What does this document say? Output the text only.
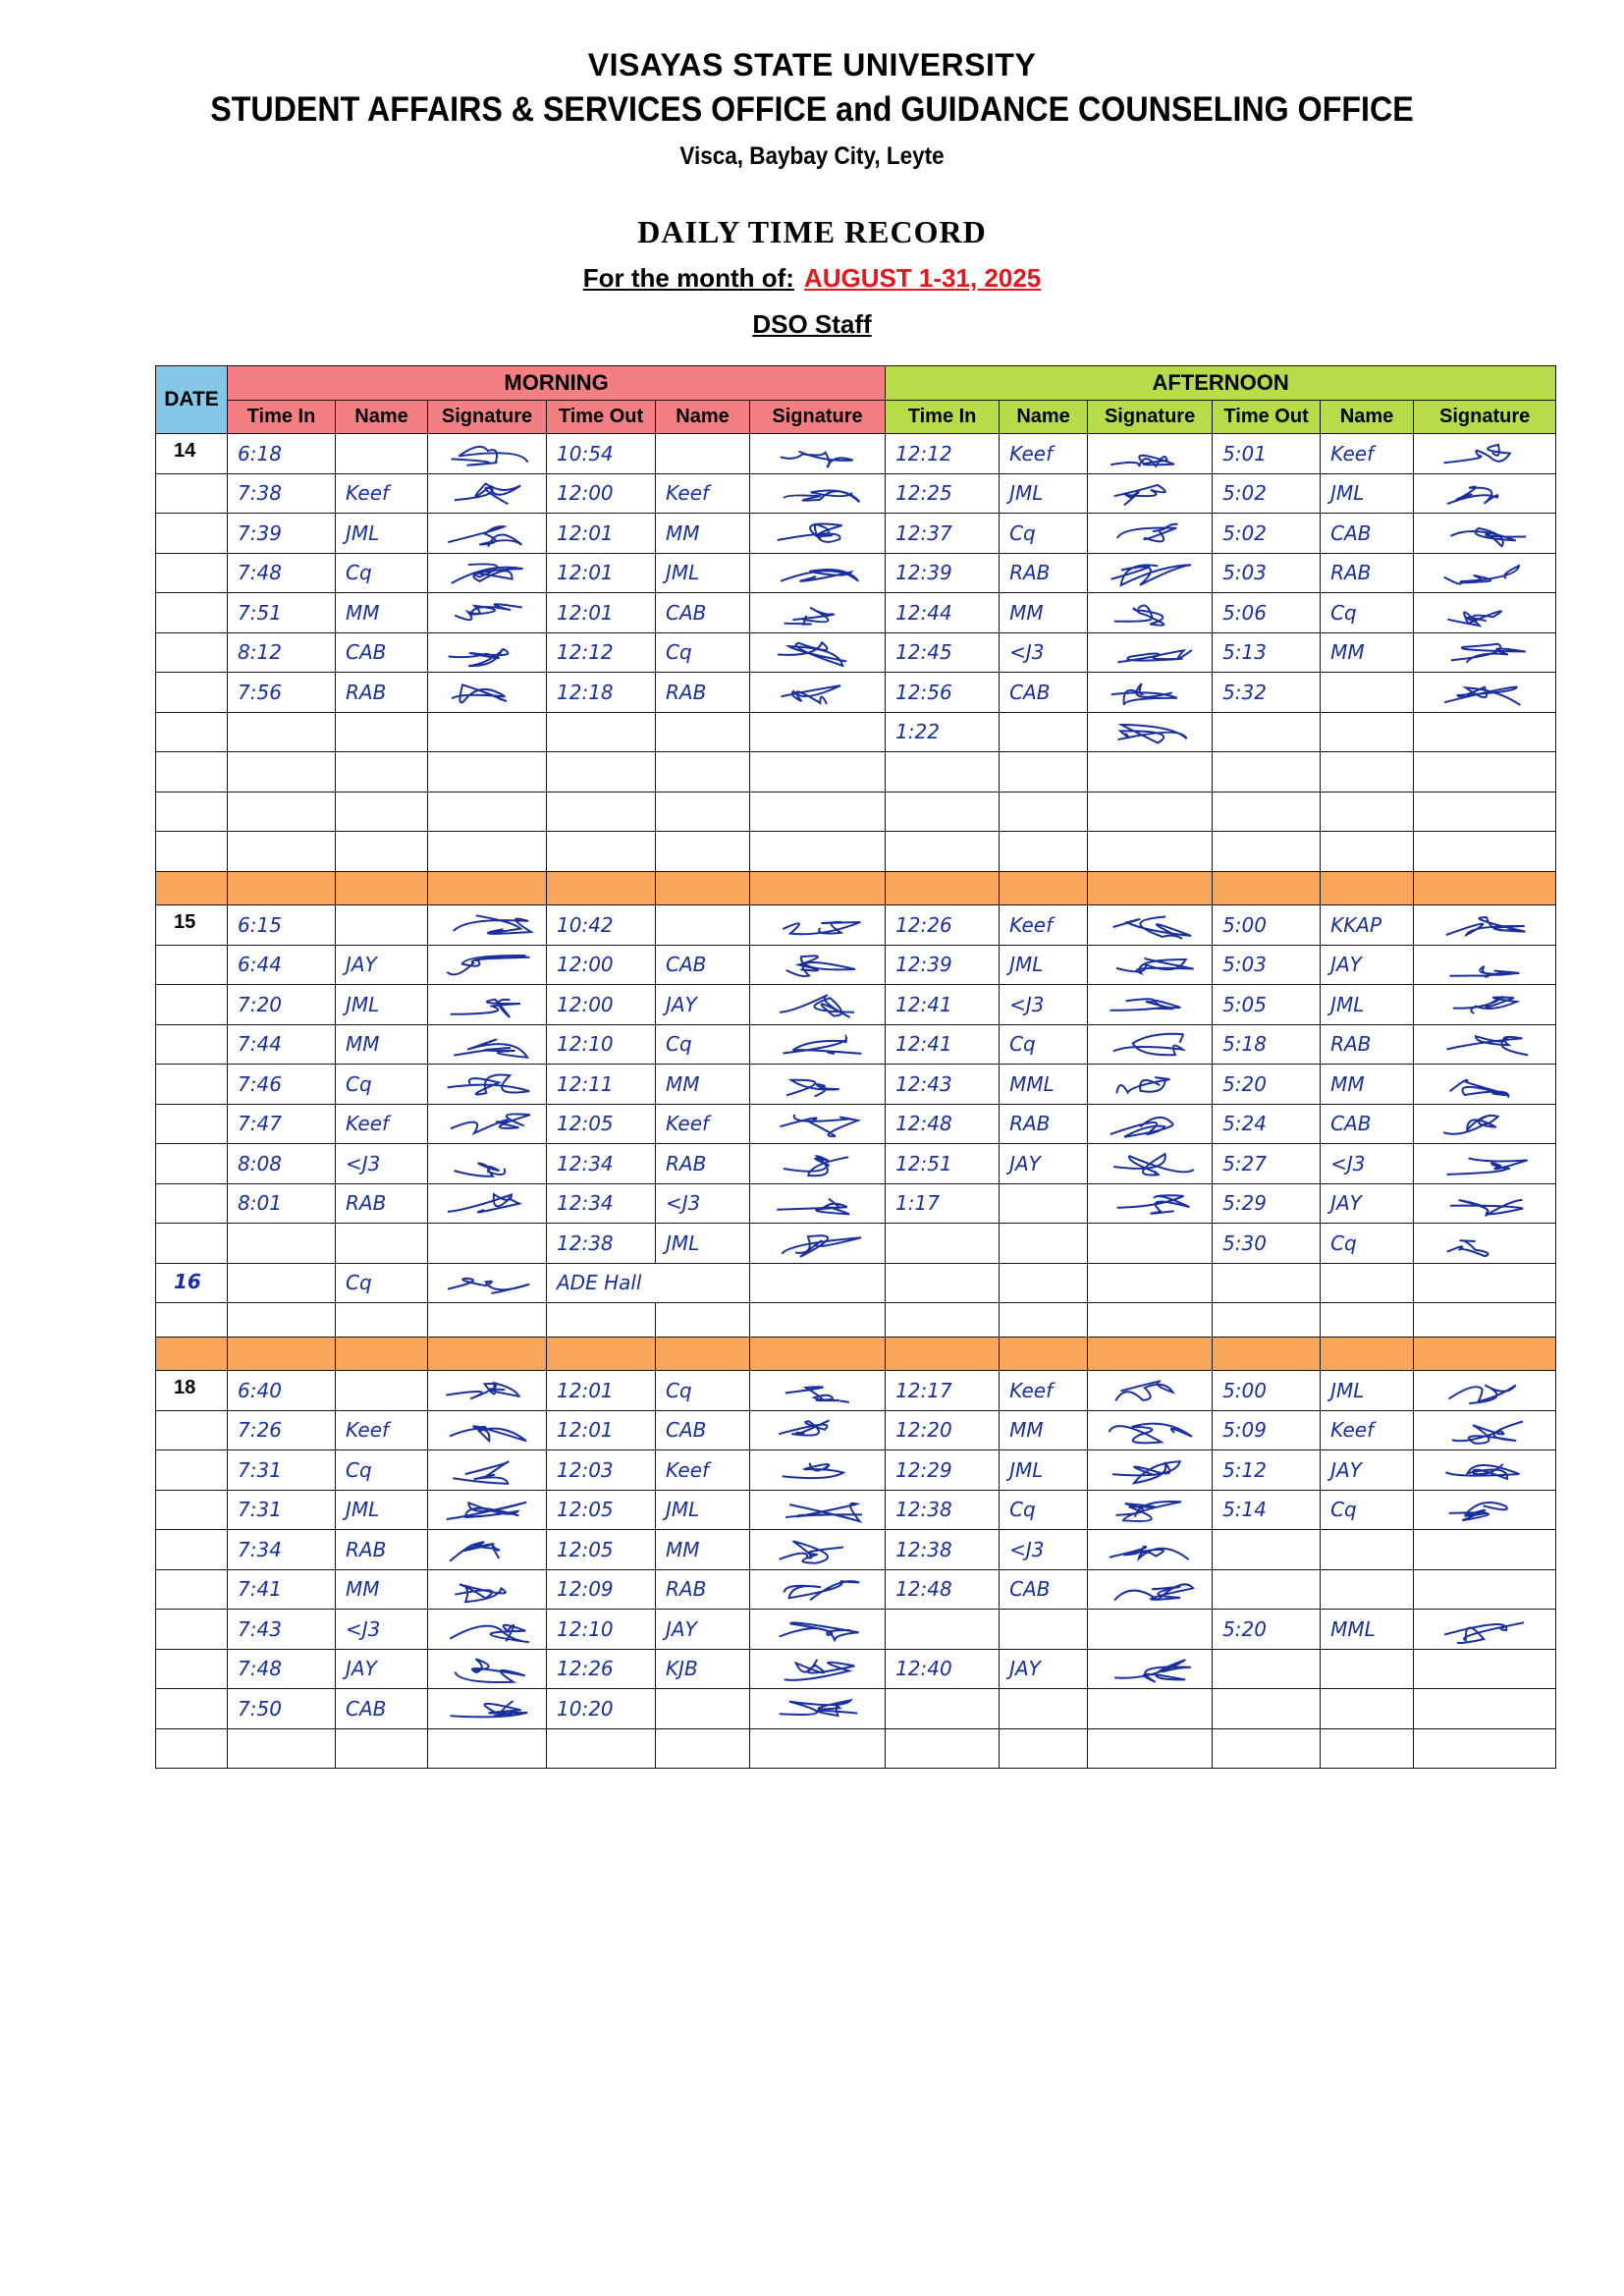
VISAYAS STATE UNIVERSITY
STUDENT AFFAIRS & SERVICES OFFICE and GUIDANCE COUNSELING OFFICE
Visca, Baybay City, Leyte
DAILY TIME RECORD
For the month of: AUGUST 1-31, 2025
DSO Staff
DATE	MORNING						AFTERNOON					
	Time In	Name	Signature	Time Out	Name	Signature	Time In	Name	Signature	Time Out	Name	Signature
14	6:18			10:54			12:12	Keef		5:01	Keef	

	7:38	Keef		12:00	Keef		12:25	JML		5:02	JML	

	7:39	JML		12:01	MM		12:37	Cq		5:02	CAB	

	7:48	Cq		12:01	JML		12:39	RAB		5:03	RAB	

	7:51	MM		12:01	CAB		12:44	MM		5:06	Cq	

	8:12	CAB		12:12	Cq		12:45	<J3		5:13	MM	

	7:56	RAB		12:18	RAB		12:56	CAB		5:32		

							1:22		

15	6:15			10:42			12:26	Keef		5:00	KKAP	

	6:44	JAY		12:00	CAB		12:39	JML		5:03	JAY	

	7:20	JML		12:00	JAY		12:41	<J3		5:05	JML	

	7:44	MM		12:10	Cq		12:41	Cq		5:18	RAB	

	7:46	Cq		12:11	MM		12:43	MML		5:20	MM	

	7:47	Keef		12:05	Keef		12:48	RAB		5:24	CAB	

	8:08	<J3		12:34	RAB		12:51	JAY		5:27	<J3	

	8:01	RAB		12:34	<J3		1:17			5:29	JAY	

				12:38	JML					5:30	Cq	

16		Cq		ADE Hall								

18	6:40			12:01	Cq		12:17	Keef		5:00	JML	

	7:26	Keef		12:01	CAB		12:20	MM		5:09	Keef	

	7:31	Cq		12:03	Keef		12:29	JML		5:12	JAY	

	7:31	JML		12:05	JML		12:38	Cq		5:14	Cq	

	7:34	RAB		12:05	MM		12:38	<J3	

	7:41	MM		12:09	RAB		12:48	CAB	

	7:43	<J3		12:10	JAY					5:20	MML	

	7:48	JAY		12:26	KJB		12:40	JAY	

	7:50	CAB		10:20		
